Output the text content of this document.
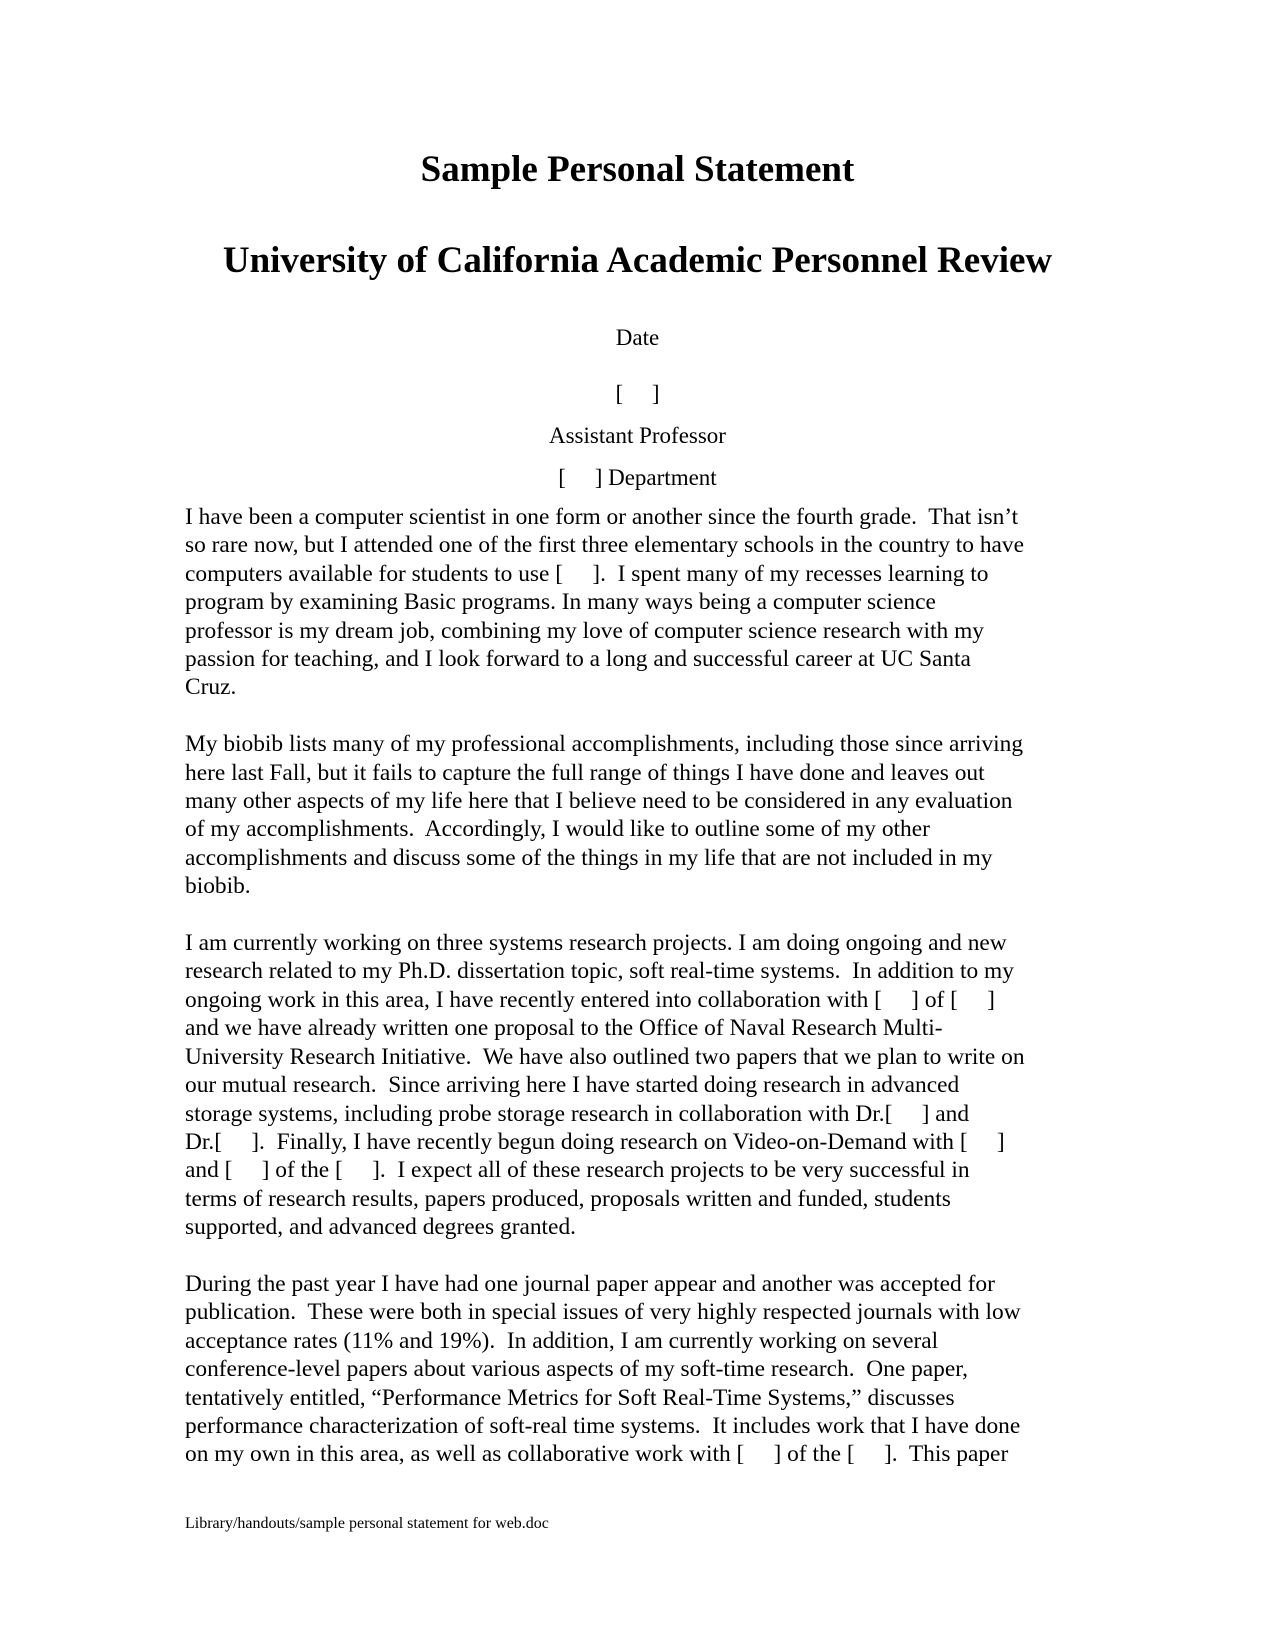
Sample Personal Statement
University of California Academic Personnel Review

Date

[     ]

Assistant Professor

[     ] Department

I have been a computer scientist in one form or another since the fourth grade.  That isn’t
so rare now, but I attended one of the first three elementary schools in the country to have
computers available for students to use [     ].  I spent many of my recesses learning to
program by examining Basic programs. In many ways being a computer science
professor is my dream job, combining my love of computer science research with my
passion for teaching, and I look forward to a long and successful career at UC Santa
Cruz.

My biobib lists many of my professional accomplishments, including those since arriving
here last Fall, but it fails to capture the full range of things I have done and leaves out
many other aspects of my life here that I believe need to be considered in any evaluation
of my accomplishments.  Accordingly, I would like to outline some of my other
accomplishments and discuss some of the things in my life that are not included in my
biobib.

I am currently working on three systems research projects. I am doing ongoing and new
research related to my Ph.D. dissertation topic, soft real-time systems.  In addition to my
ongoing work in this area, I have recently entered into collaboration with [     ] of [     ]
and we have already written one proposal to the Office of Naval Research Multi-
University Research Initiative.  We have also outlined two papers that we plan to write on
our mutual research.  Since arriving here I have started doing research in advanced
storage systems, including probe storage research in collaboration with Dr.[     ] and
Dr.[     ].  Finally, I have recently begun doing research on Video-on-Demand with [     ]
and [     ] of the [     ].  I expect all of these research projects to be very successful in
terms of research results, papers produced, proposals written and funded, students
supported, and advanced degrees granted.

During the past year I have had one journal paper appear and another was accepted for
publication.  These were both in special issues of very highly respected journals with low
acceptance rates (11% and 19%).  In addition, I am currently working on several
conference-level papers about various aspects of my soft-time research.  One paper,
tentatively entitled, “Performance Metrics for Soft Real-Time Systems,” discusses
performance characterization of soft-real time systems.  It includes work that I have done
on my own in this area, as well as collaborative work with [     ] of the [     ].  This paper

Library/handouts/sample personal statement for web.doc
